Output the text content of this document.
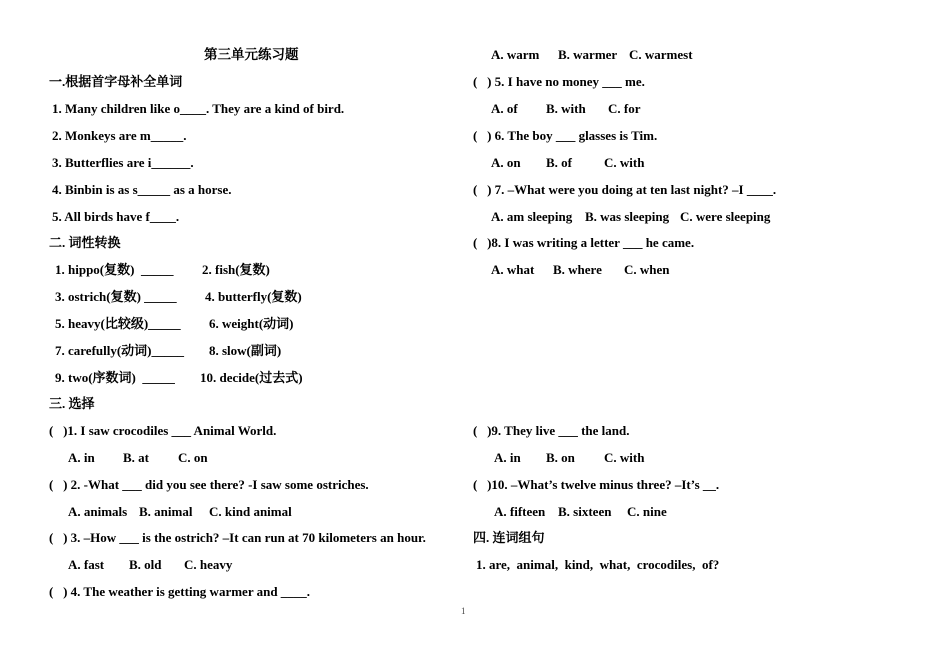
第三单元练习题
一.根据首字母补全单词
1. Many children like o____. They are a kind of bird.
2. Monkeys are m_____.
3. Butterflies are i______.
4. Binbin is as s_____ as a horse.
5. All birds have f____.
二. 词性转换
1. hippo(复数)  _____ 2. fish(复数)
3. ostrich(复数) _____ 4. butterfly(复数)
5. heavy(比较级)_____ 6. weight(动词)
7. carefully(动词)_____ 8. slow(副词)
9. two(序数词)  _____ 10. decide(过去式)
三. 选择
(   )1. I saw crocodiles ___ Animal World.
A. in B. at C. on
(   ) 2. -What ___ did you see there? -I saw some ostriches.
A. animals B. animal C. kind animal
(   ) 3. –How ___ is the ostrich? –It can run at 70 kilometers an hour.
A. fast B. old C. heavy
(   ) 4. The weather is getting warmer and ____.
A. warm B. warmer C. warmest
(   ) 5. I have no money ___ me.
A. of B. with C. for
(   ) 6. The boy ___ glasses is Tim.
A. on B. of C. with
(   ) 7. –What were you doing at ten last night? –I ____.
A. am sleeping B. was sleeping C. were sleeping
(   )8. I was writing a letter ___ he came.
A. what B. where C. when
(   )9. They live ___ the land.
A. in B. on C. with
(   )10. –What’s twelve minus three? –It’s __.
A. fifteen B. sixteen C. nine
四. 连词组句
1. are,  animal,  kind,  what,  crocodiles,  of?
1
